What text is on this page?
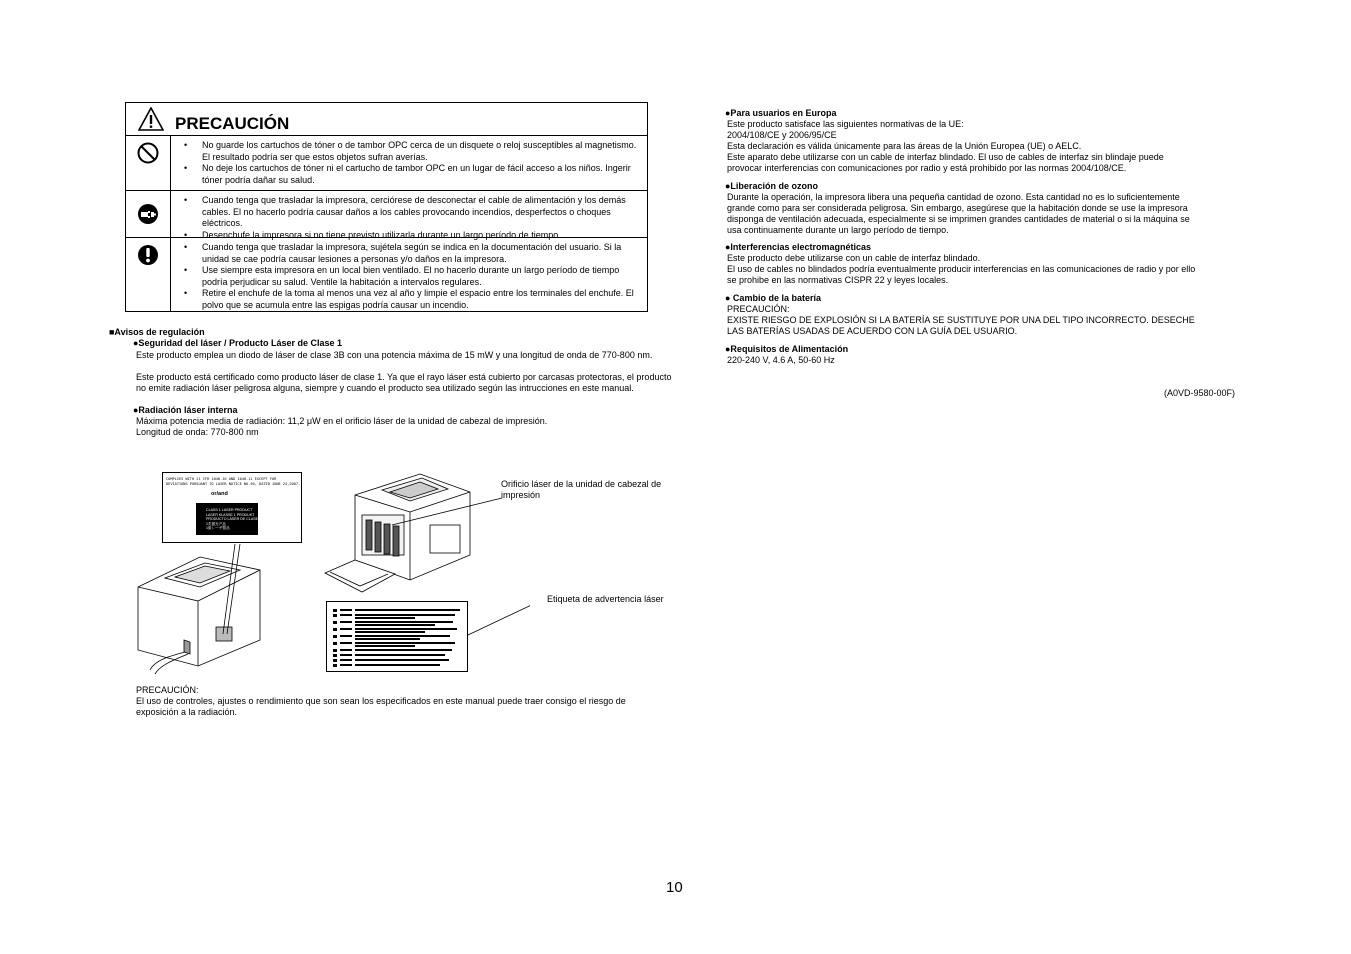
PRECAUCIÓN
• No guarde los cartuchos de tóner o de tambor OPC cerca de un disquete o reloj susceptibles al magnetismo. El resultado podría ser que estos objetos sufran averías.
• No deje los cartuchos de tóner ni el cartucho de tambor OPC en un lugar de fácil acceso a los niños. Ingerir tóner podría dañar su salud.
• Cuando tenga que trasladar la impresora, cerciórese de desconectar el cable de alimentación y los demás cables. El no hacerlo podría causar daños a los cables provocando incendios, desperfectos o choques eléctricos.
• Desenchufe la impresora si no tiene previsto utilizarla durante un largo período de tiempo.
• Cuando tenga que trasladar la impresora, sujétela según se indica en la documentación del usuario. Si la unidad se cae podría causar lesiones a personas y/o daños en la impresora.
• Use siempre esta impresora en un local bien ventilado. El no hacerlo durante un largo período de tiempo podría perjudicar su salud. Ventile la habitación a intervalos regulares.
• Retire el enchufe de la toma al menos una vez al año y limpie el espacio entre los terminales del enchufe. El polvo que se acumula entre las espigas podría causar un incendio.
■Avisos de regulación
●Seguridad del láser / Producto Láser de Clase 1
Este producto emplea un diodo de láser de clase 3B con una potencia máxima de 15 mW y una longitud de onda de 770-800 nm.
Este producto está certificado como producto láser de clase 1. Ya que el rayo láser está cubierto por carcasas protectoras, el producto no emite radiación láser peligrosa alguna, siempre y cuando el producto sea utilizado según las intrucciones en este manual.
●Radiación láser interna
Máxima potencia media de radiación: 11,2 μW en el orificio láser de la unidad de cabezal de impresión.
Longitud de onda: 770-800 nm
COMPLIES WITH 21 CFR 1040.10 AND 1040.11 EXCEPT FOR
DEVIATIONS PURSUANT TO LASER NOTICE NO.50, DATED JUNE 24,2007.
or/and
CLASS 1 LASER PRODUCT
LASER KLASSE 1 PRODUKT
PRODUCTO LÁSER DE CLASE 1
1类激光产品
1級レーザ製品
Orificio láser de la unidad de cabezal de impresión
Etiqueta de advertencia láser
PRECAUCIÓN:
El uso de controles, ajustes o rendimiento que son sean los especificados en este manual puede traer consigo el riesgo de exposición a la radiación.
●Para usuarios en Europa
Este producto satisface las siguientes normativas de la UE:
2004/108/CE y 2006/95/CE
Esta declaración es válida únicamente para las áreas de la Unión Europea (UE) o AELC.
Este aparato debe utilizarse con un cable de interfaz blindado. El uso de cables de interfaz sin blindaje puede
provocar interferencias con comunicaciones por radio y está prohibido por las normas 2004/108/CE.
●Liberación de ozono
Durante la operación, la impresora libera una pequeña cantidad de ozono. Esta cantidad no es lo suficientemente
grande como para ser considerada peligrosa. Sin embargo, asegúrese que la habitación donde se use la impresora
disponga de ventilación adecuada, especialmente si se imprimen grandes cantidades de material o si la máquina se
usa continuamente durante un largo período de tiempo.
●Interferencias electromagnéticas
Este producto debe utilizarse con un cable de interfaz blindado.
El uso de cables no blindados podría eventualmente producir interferencias en las comunicaciones de radio y por ello
se prohibe en las normativas CISPR 22 y leyes locales.
● Cambio de la batería
PRECAUCIÓN:
EXISTE RIESGO DE EXPLOSIÓN SI LA BATERÍA SE SUSTITUYE POR UNA DEL TIPO INCORRECTO. DESECHE
LAS BATERÍAS USADAS DE ACUERDO CON LA GUÍA DEL USUARIO.
●Requisitos de Alimentación
220-240 V, 4.6 A, 50-60 Hz
(A0VD-9580-00F)
10
